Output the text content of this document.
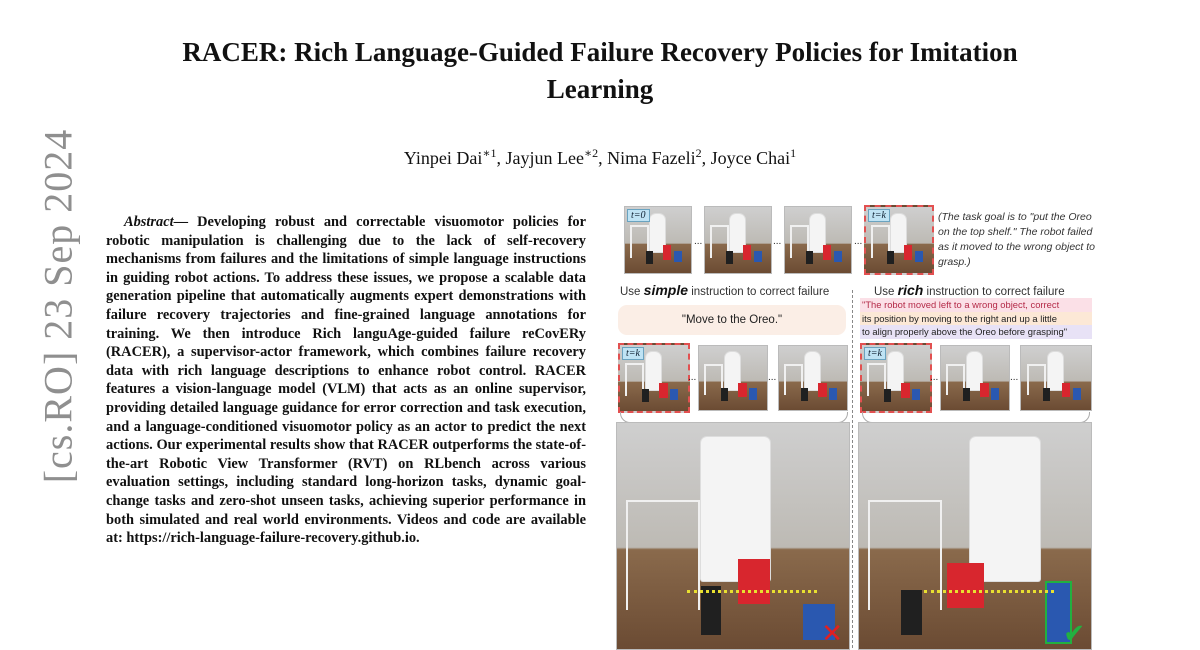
RACER: Rich Language-Guided Failure Recovery Policies for Imitation
Learning
Yinpei Dai$^{∗1}$, Jayjun Lee$^{∗2}$, Nima Fazeli$^2$, Joyce Chai$^1$
[cs.RO] 23 Sep 2024	Abstract— Developing robust and correctable visuomotor policies for robotic manipulation is challenging due to the lack of self-recovery mechanisms from failures and the limitations of simple language instructions in guiding robot actions. To address these issues, we propose a scalable data generation pipeline that automatically augments expert demonstrations with failure recovery trajectories and fine-grained language annotations for training. We then introduce Rich languAge-guided failure reCovERy (RACER), a supervisor-actor framework, which combines failure recovery data with rich language descriptions to enhance robot control. RACER features a vision-language model (VLM) that acts as an online supervisor, providing detailed language guidance for error correction and task execution, and a language-conditioned visuomotor policy as an actor to predict the next actions. Our experimental results show that RACER outperforms the state-of-the-art Robotic View Transformer (RVT) on RLbench across various evaluation settings, including standard long-horizon tasks, dynamic goal-change tasks and zero-shot unseen tasks, achieving superior performance in both simulated and real world environments. Videos and code are available at: https://rich-language-failure-recovery.github.io.
t=0
...	...	...
t=k	(The task goal is to "put the Oreo on the top shelf." The robot failed as it moved to the wrong object to grasp.)
Use simple instruction to correct failure	Use rich instruction to correct failure
"Move to the Oreo."
"The robot moved left to a wrong object, correct
its position by moving to the right and up a little
to align properly above the Oreo before grasping"
t=k
...	...
t=k
...	...
✕	✔
